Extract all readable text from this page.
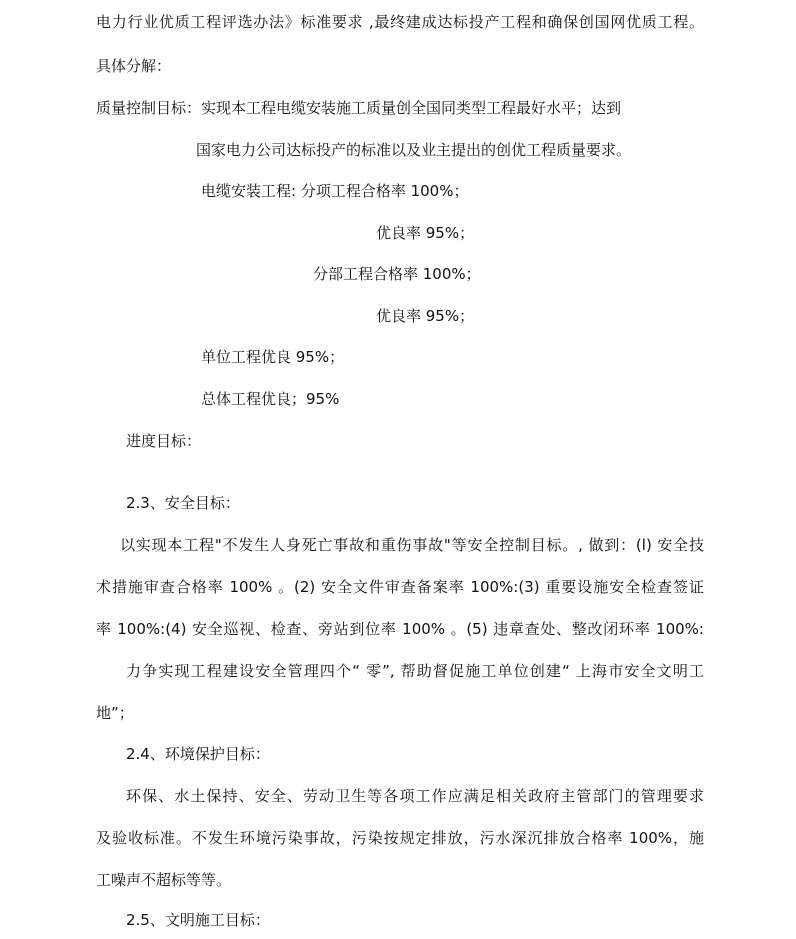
电力行业优质工程评选办法》标准要求 ,最终建成达标投产工程和确保创国网优质工程。
具体分解：
质量控制目标：实现本工程电缆安装施工质量创全国同类型工程最好水平；达到
国家电力公司达标投产的标准以及业主提出的创优工程质量要求。
电缆安装工程: 分项工程合格率 100%；
优良率 95%；
分部工程合格率 100%；
优良率 95%；
单位工程优良 95%；
总体工程优良；95%
进度目标：
2.3、安全目标：
以实现本工程"不发生人身死亡事故和重伤事故"等安全控制目标。, 做到：(l) 安全技
术措施审查合格率 100% 。(2) 安全文件审查备案率 100%:(3) 重要设施安全检查签证
率 100%:(4) 安全巡视、检查、旁站到位率 100% 。(5) 违章查处、整改闭环率 100%:
力争实现工程建设安全管理四个“ 零”, 帮助督促施工单位创建“ 上海市安全文明工
地”；
2.4、环境保护目标：
环保、水土保持、安全、劳动卫生等各项工作应满足相关政府主管部门的管理要求
及验收标准。不发生环境污染事故，污染按规定排放，污水深沉排放合格率 100%，施
工噪声不超标等等。
2.5、文明施工目标：
